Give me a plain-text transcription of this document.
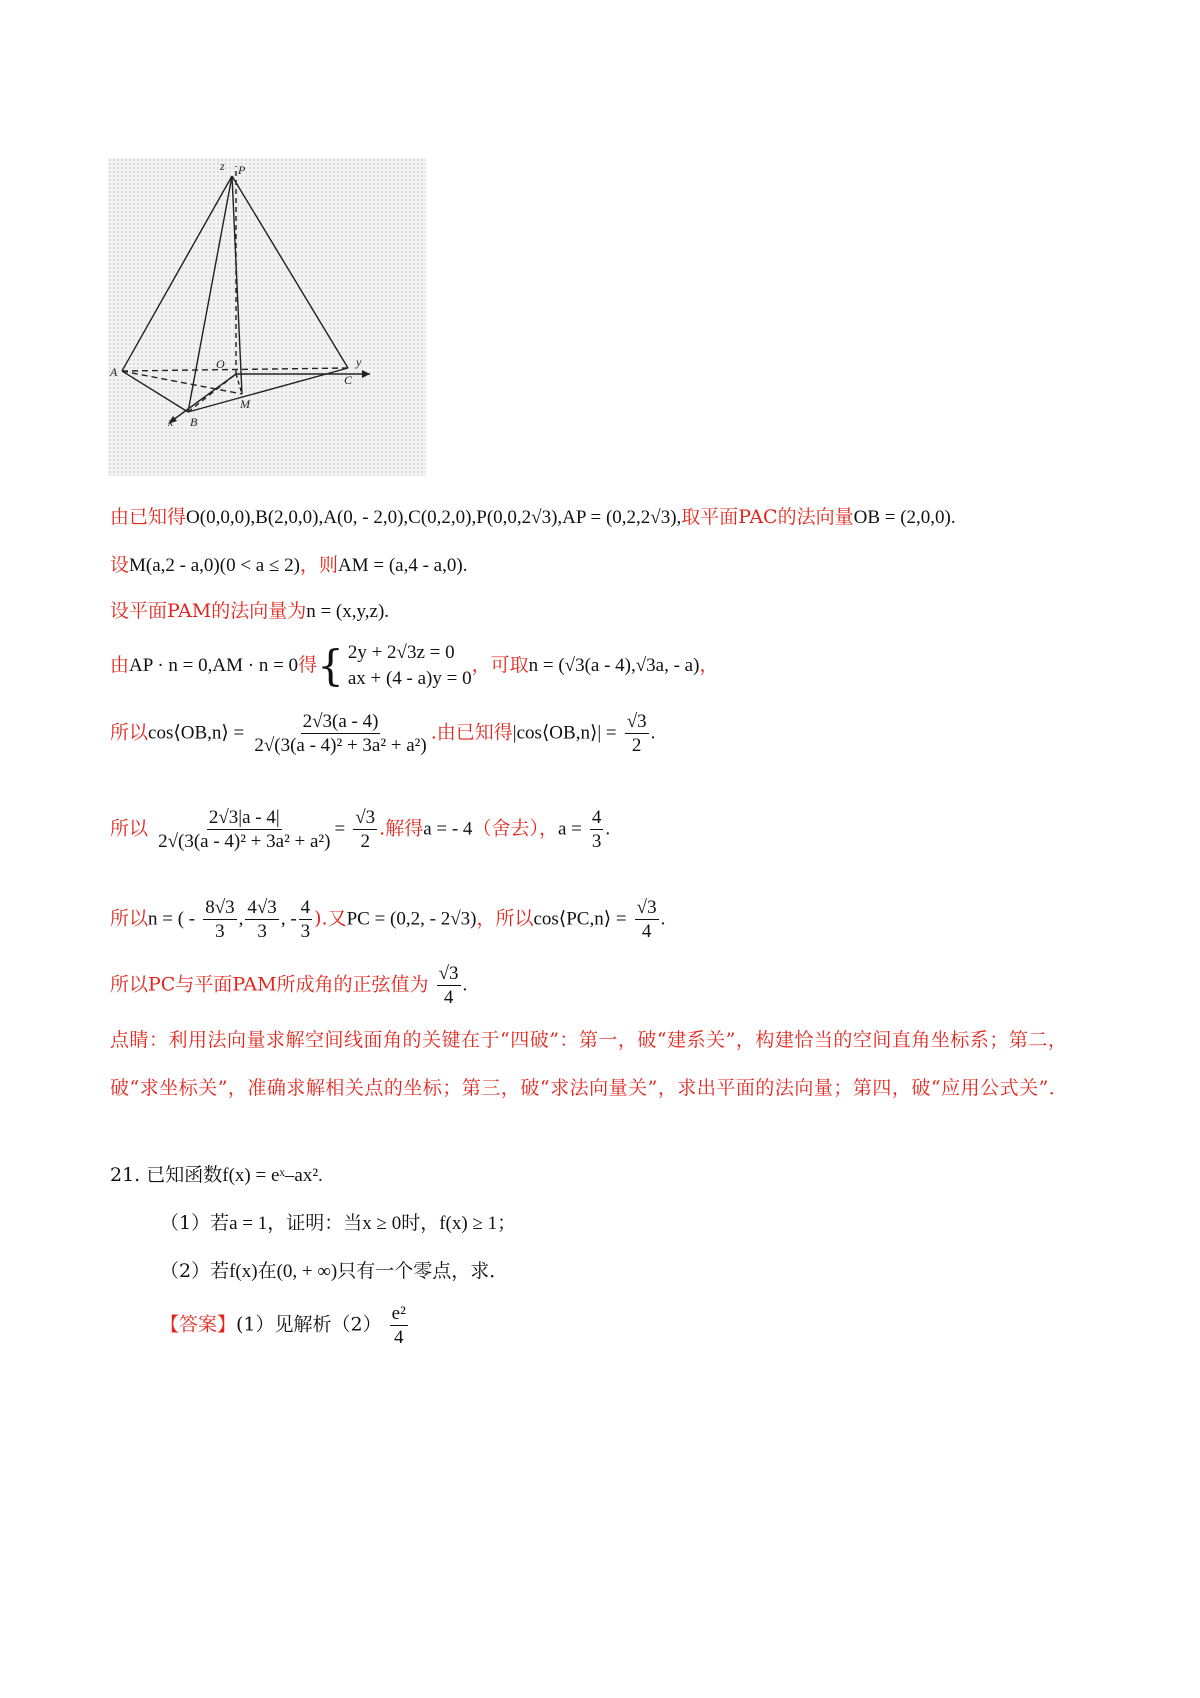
P
z
O
A
B
C
M
x
y
由已知得O(0,0,0),B(2,0,0),A(0, - 2,0),C(0,2,0),P(0,0,2√3),AP = (0,2,2√3),取平面PAC的法向量OB = (2,0,0).
设M(a,2 - a,0)(0 < a ≤ 2)，则AM = (a,4 - a,0).
设平面PAM的法向量为n = (x,y,z).
由AP · n = 0,AM · n = 0得{ 2y + 2√3z = 0
ax + (4 - a)y = 0
，可取n = (√3(a - 4),√3a, - a)，
所以cos⟨OB,n⟩ = $\frac{2√3(a - 4)}{\text{2√(3(a - 4)² + 3a² + a²)}}$ .由已知得|cos⟨OB,n⟩| = $\frac{√3}{2}$ .
所以 $\frac{2√3|a - 4|}{\text{2√(3(a - 4)² + 3a² + a²)}} = \frac{√3}{2}$ .解得a = - 4（舍去），$a = \frac{4}{3}$ .
所以n = ( - $\frac{8√3}{3}$ , $\frac{4√3}{3}$ , - $\frac{4}{3}$ ).又PC = (0,2, - 2√3)，所以cos⟨PC,n⟩ = $\frac{√3}{4}$ .
所以PC与平面PAM所成角的正弦值为 $\frac{√3}{4}$ .
点睛：利用法向量求解空间线面角的关键在于“四破”：第一，破“建系关”，构建恰当的空间直角坐标系；第二，破“求坐标关”，准确求解相关点的坐标；第三，破“求法向量关”，求出平面的法向量；第四，破“应用公式关”．
21. 已知函数f(x) = eˣ–ax².
（1）若a = 1，证明：当x ≥ 0时，f(x) ≥ 1；
（2）若f(x)在(0, + ∞)只有一个零点，求．
【答案】(1）见解析$(2) \frac{\text{e²}}{4}$
